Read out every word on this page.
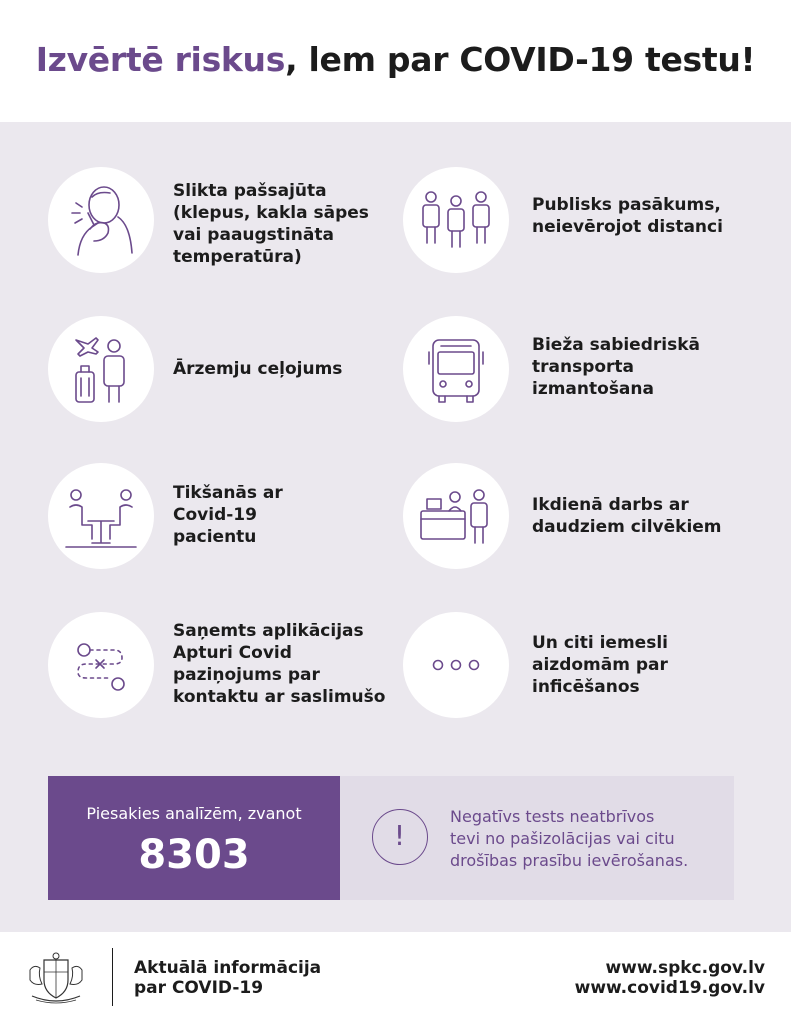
Izvērtē riskus, lem par COVID-19 testu!
Slikta pašsajūta
(klepus, kakla sāpes
vai paaugstināta
temperatūra)
Publisks pasākums,
neievērojot distanci
Ārzemju ceļojums
Bieža sabiedriskā
transporta
izmantošana
Tikšanās ar
Covid-19
pacientu
Ikdienā darbs ar
daudziem cilvēkiem
Saņemts aplikācijas
Apturi Covid
paziņojums par
kontaktu ar saslimušo
Un citi iemesli
aizdomām par
inficēšanos
Piesakies analīzēm, zvanot
8303	!
Negatīvs tests neatbrīvos
tevi no pašizolācijas vai citu
drošības prasību ievērošanas.
Aktuālā informācija
par COVID-19
www.spkc.gov.lv
www.covid19.gov.lv
